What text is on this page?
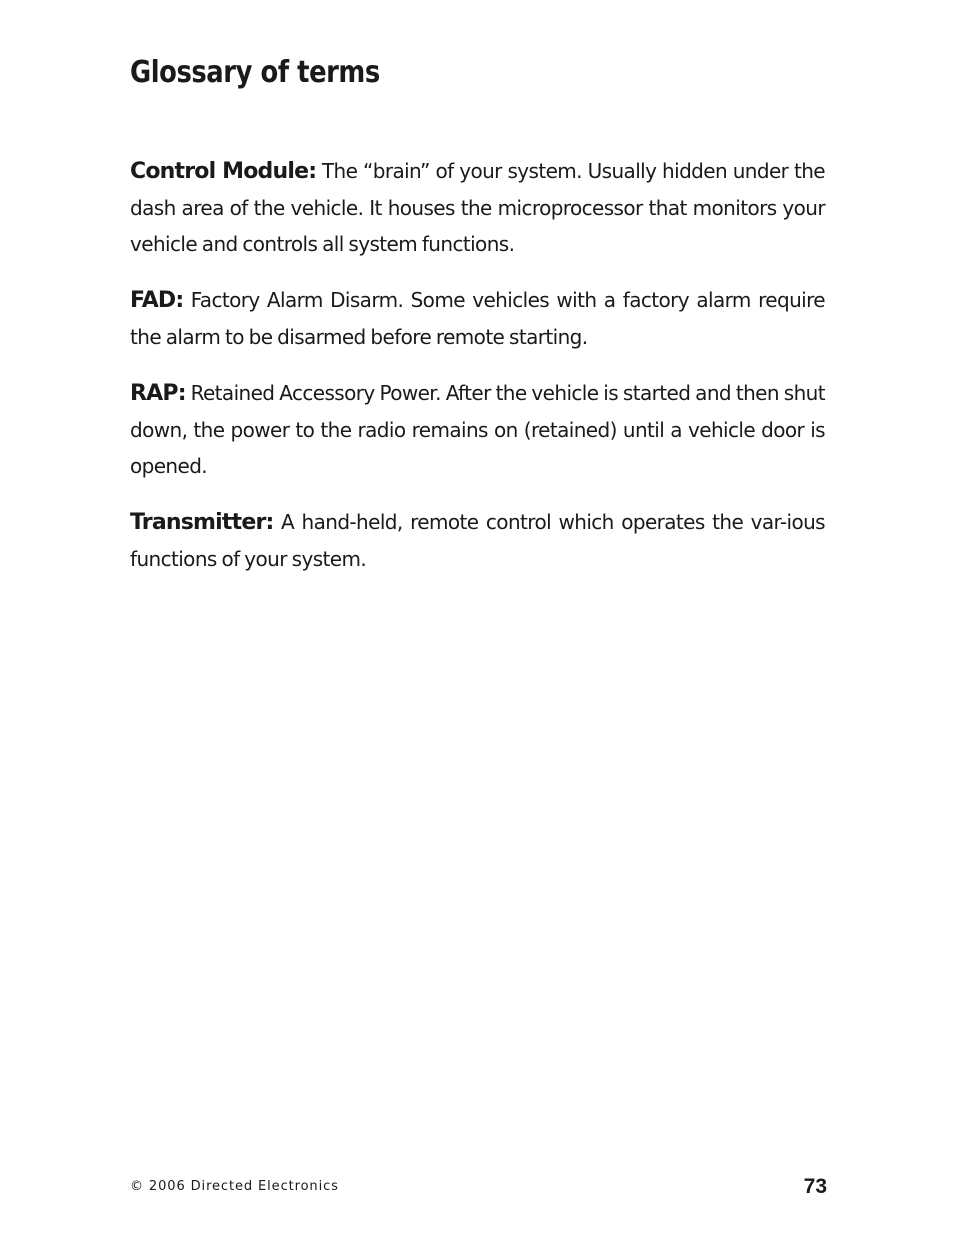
Glossary of terms

Control Module: The “brain” of your system. Usually hidden under the dash area of the vehicle. It houses the microprocessor that monitors your vehicle and controls all system functions.

FAD: Factory Alarm Disarm. Some vehicles with a factory alarm require the alarm to be disarmed before remote starting.

RAP: Retained Accessory Power. After the vehicle is started and then shut down, the power to the radio remains on (retained) until a vehicle door is opened.

Transmitter: A hand-held, remote control which operates the var-ious functions of your system.

© 2006 Directed Electronics	73
